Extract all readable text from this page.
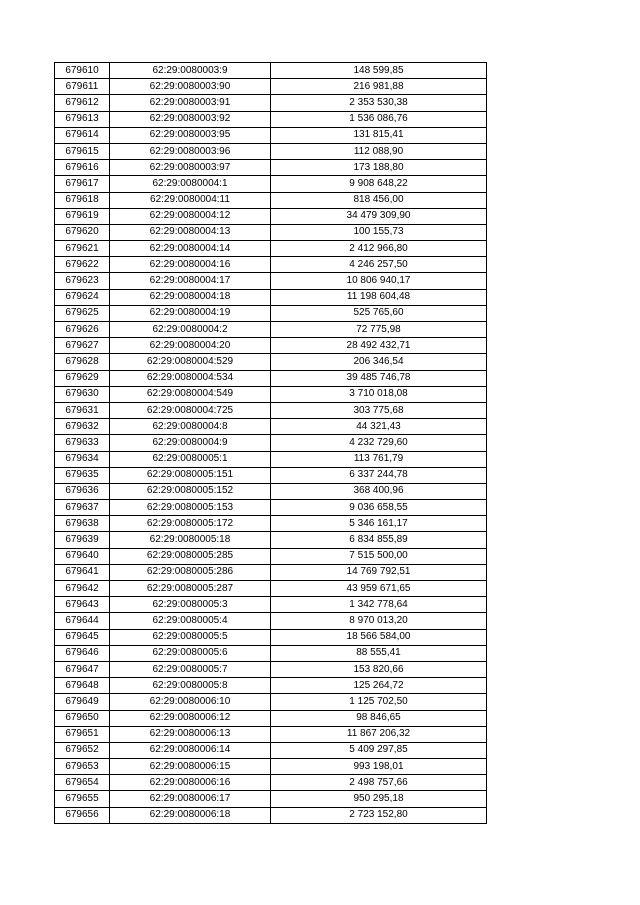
679610	62:29:0080003:9	148 599,85
679611	62:29:0080003:90	216 981,88
679612	62:29:0080003:91	2 353 530,38
679613	62:29:0080003:92	1 536 086,76
679614	62:29:0080003:95	131 815,41
679615	62:29:0080003:96	112 088,90
679616	62:29:0080003:97	173 188,80
679617	62:29:0080004:1	9 908 648,22
679618	62:29:0080004:11	818 456,00
679619	62:29:0080004:12	34 479 309,90
679620	62:29:0080004:13	100 155,73
679621	62:29:0080004:14	2 412 966,80
679622	62:29:0080004:16	4 246 257,50
679623	62:29:0080004:17	10 806 940,17
679624	62:29:0080004:18	11 198 604,48
679625	62:29:0080004:19	525 765,60
679626	62:29:0080004:2	72 775,98
679627	62:29:0080004:20	28 492 432,71
679628	62:29:0080004:529	206 346,54
679629	62:29:0080004:534	39 485 746,78
679630	62:29:0080004:549	3 710 018,08
679631	62:29:0080004:725	303 775,68
679632	62:29:0080004:8	44 321,43
679633	62:29:0080004:9	4 232 729,60
679634	62:29:0080005:1	113 761,79
679635	62:29:0080005:151	6 337 244,78
679636	62:29:0080005:152	368 400,96
679637	62:29:0080005:153	9 036 658,55
679638	62:29:0080005:172	5 346 161,17
679639	62:29:0080005:18	6 834 855,89
679640	62:29:0080005:285	7 515 500,00
679641	62:29:0080005:286	14 769 792,51
679642	62:29:0080005:287	43 959 671,65
679643	62:29:0080005:3	1 342 778,64
679644	62:29:0080005:4	8 970 013,20
679645	62:29:0080005:5	18 566 584,00
679646	62:29:0080005:6	88 555,41
679647	62:29:0080005:7	153 820,66
679648	62:29:0080005:8	125 264,72
679649	62:29:0080006:10	1 125 702,50
679650	62:29:0080006:12	98 846,65
679651	62:29:0080006:13	11 867 206,32
679652	62:29:0080006:14	5 409 297,85
679653	62:29:0080006:15	993 198,01
679654	62:29:0080006:16	2 498 757,66
679655	62:29:0080006:17	950 295,18
679656	62:29:0080006:18	2 723 152,80
